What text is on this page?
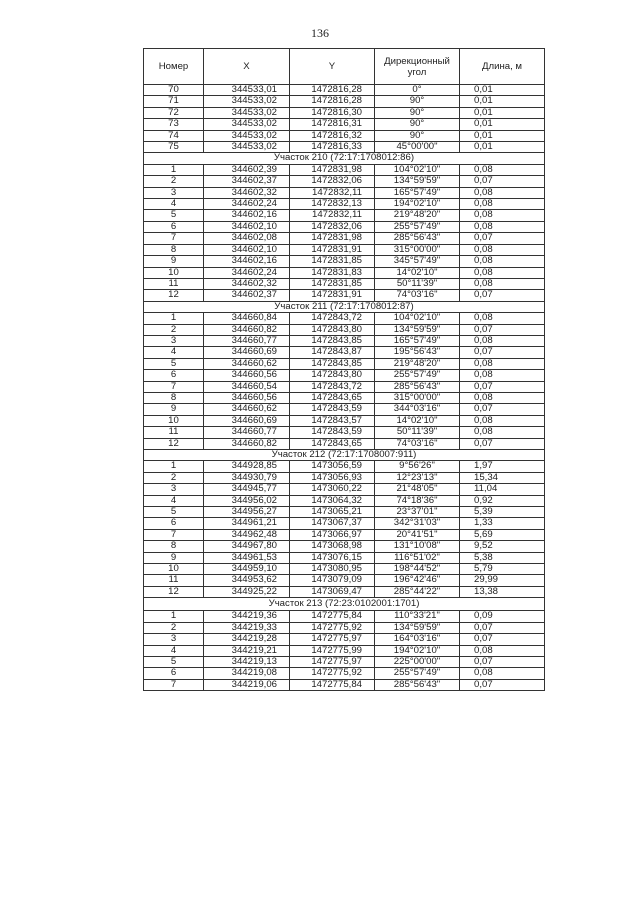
136
Номер	X	Y	Дирекционный угол	Длина, м
70	344533,01	1472816,28	0°	0,01
71	344533,02	1472816,28	90°	0,01
72	344533,02	1472816,30	90°	0,01
73	344533,02	1472816,31	90°	0,01
74	344533,02	1472816,32	90°	0,01
75	344533,02	1472816,33	45°00'00"	0,01
Участок 210 (72:17:1708012:86)				
1	344602,39	1472831,98	104°02'10"	0,08
2	344602,37	1472832,06	134°59'59"	0,07
3	344602,32	1472832,11	165°57'49"	0,08
4	344602,24	1472832,13	194°02'10"	0,08
5	344602,16	1472832,11	219°48'20"	0,08
6	344602,10	1472832,06	255°57'49"	0,08
7	344602,08	1472831,98	285°56'43"	0,07
8	344602,10	1472831,91	315°00'00"	0,08
9	344602,16	1472831,85	345°57'49"	0,08
10	344602,24	1472831,83	14°02'10"	0,08
11	344602,32	1472831,85	50°11'39"	0,08
12	344602,37	1472831,91	74°03'16"	0,07
Участок 211 (72:17:1708012:87)				
1	344660,84	1472843,72	104°02'10"	0,08
2	344660,82	1472843,80	134°59'59"	0,07
3	344660,77	1472843,85	165°57'49"	0,08
4	344660,69	1472843,87	195°56'43"	0,07
5	344660,62	1472843,85	219°48'20"	0,08
6	344660,56	1472843,80	255°57'49"	0,08
7	344660,54	1472843,72	285°56'43"	0,07
8	344660,56	1472843,65	315°00'00"	0,08
9	344660,62	1472843,59	344°03'16"	0,07
10	344660,69	1472843,57	14°02'10"	0,08
11	344660,77	1472843,59	50°11'39"	0,08
12	344660,82	1472843,65	74°03'16"	0,07
Участок 212 (72:17:1708007:911)				
1	344928,85	1473056,59	9°56'26"	1,97
2	344930,79	1473056,93	12°23'13"	15,34
3	344945,77	1473060,22	21°48'05"	11,04
4	344956,02	1473064,32	74°18'36"	0,92
5	344956,27	1473065,21	23°37'01"	5,39
6	344961,21	1473067,37	342°31'03"	1,33
7	344962,48	1473066,97	20°41'51"	5,69
8	344967,80	1473068,98	131°10'08"	9,52
9	344961,53	1473076,15	116°51'02"	5,38
10	344959,10	1473080,95	198°44'52"	5,79
11	344953,62	1473079,09	196°42'46"	29,99
12	344925,22	1473069,47	285°44'22"	13,38
Участок 213 (72:23:0102001:1701)				
1	344219,36	1472775,84	110°33'21"	0,09
2	344219,33	1472775,92	134°59'59"	0,07
3	344219,28	1472775,97	164°03'16"	0,07
4	344219,21	1472775,99	194°02'10"	0,08
5	344219,13	1472775,97	225°00'00"	0,07
6	344219,08	1472775,92	255°57'49"	0,08
7	344219,06	1472775,84	285°56'43"	0,07
